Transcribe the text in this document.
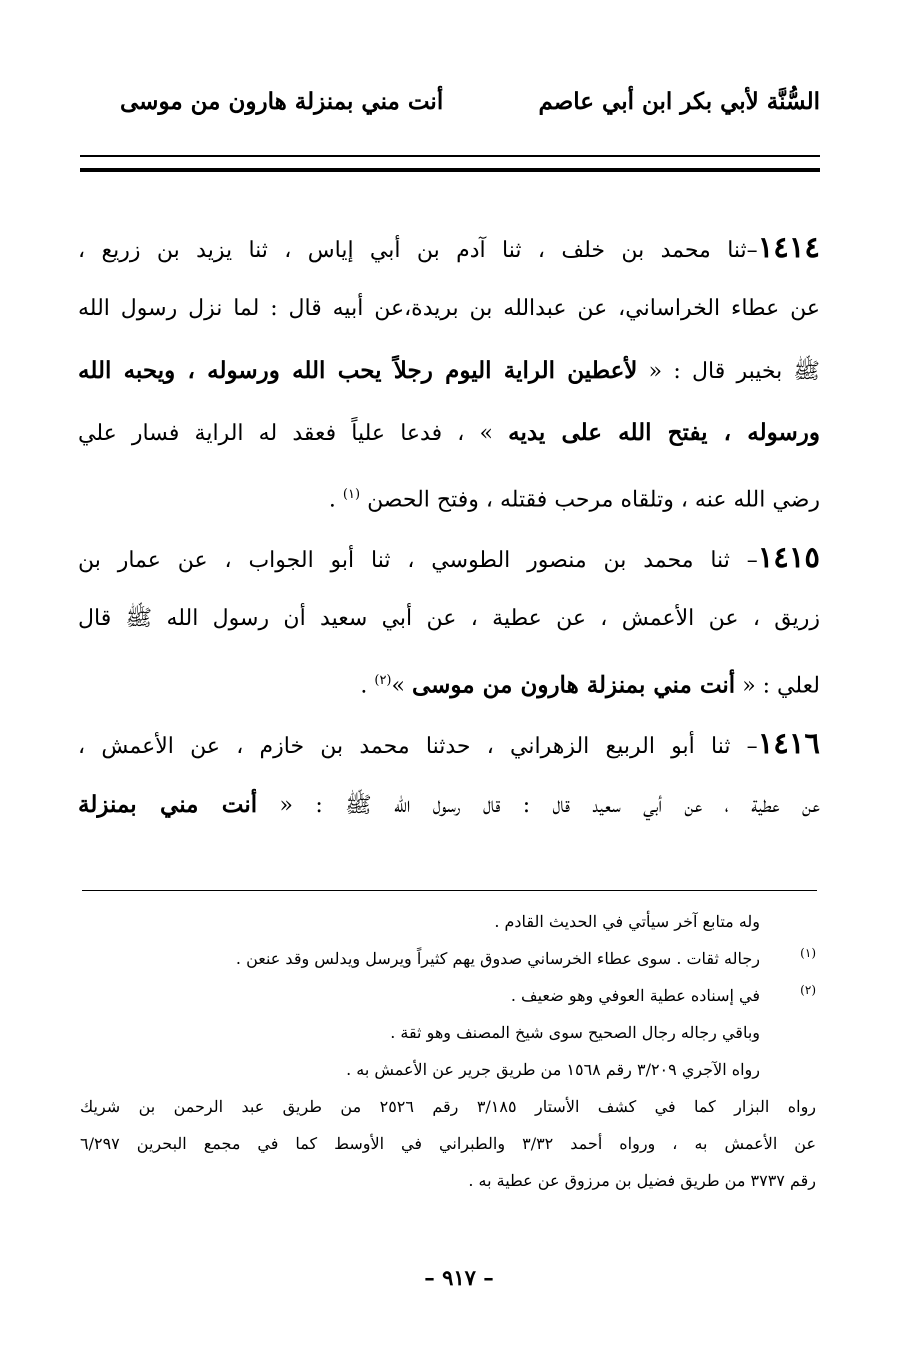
السُّنَّة لأبي بكر ابن أبي عاصم
أنت مني بمنزلة هارون من موسى
١٤١٤–ثنا محمد بن خلف ، ثنا آدم بن أبي إياس ، ثنا يزيد بن زريع ،
عن عطاء الخراساني، عن عبدالله بن بريدة،عن أبيه قال : لما نزل رسول الله
ﷺ بخيبر قال : « لأعطين الراية اليوم رجلاً يحب الله ورسوله ، ويحبه الله
ورسوله ، يفتح الله على يديه » ، فدعا علياً فعقد له الراية فسار علي
رضي الله عنه ، وتلقاه مرحب فقتله ، وفتح الحصن $^{(١)}$ .
١٤١٥– ثنا محمد بن منصور الطوسي ، ثنا أبو الجواب ، عن عمار بن
زريق ، عن الأعمش ، عن عطية ، عن أبي سعيد أن رسول الله ﷺ قال
لعلي : « أنت مني بمنزلة هارون من موسى »$^{(٢)}$ .
١٤١٦– ثنا أبو الربيع الزهراني ، حدثنا محمد بن خازم ، عن الأعمش ،
عن عطية ، عن أبي سعيد قال : قال رسول الله ﷺ : « أنت مني بمنزلة
وله متابع آخر سيأتي في الحديث القادم .
(١)
رجاله ثقات . سوى عطاء الخرساني صدوق يهم كثيراً ويرسل ويدلس وقد عنعن .
(٢)
في إسناده عطية العوفي وهو ضعيف .
وباقي رجاله رجال الصحيح سوى شيخ المصنف وهو ثقة .
رواه الآجري ٣/٢٠٩ رقم ١٥٦٨ من طريق جرير عن الأعمش به .
رواه البزار كما في كشف الأستار ٣/١٨٥ رقم ٢٥٢٦ من طريق عبد الرحمن بن شريك
عن الأعمش به ، ورواه أحمد ٣/٣٢ والطبراني في الأوسط كما في مجمع البحرين ٦/٢٩٧
رقم ٣٧٣٧ من طريق فضيل بن مرزوق عن عطية به .
– ٩١٧ –
